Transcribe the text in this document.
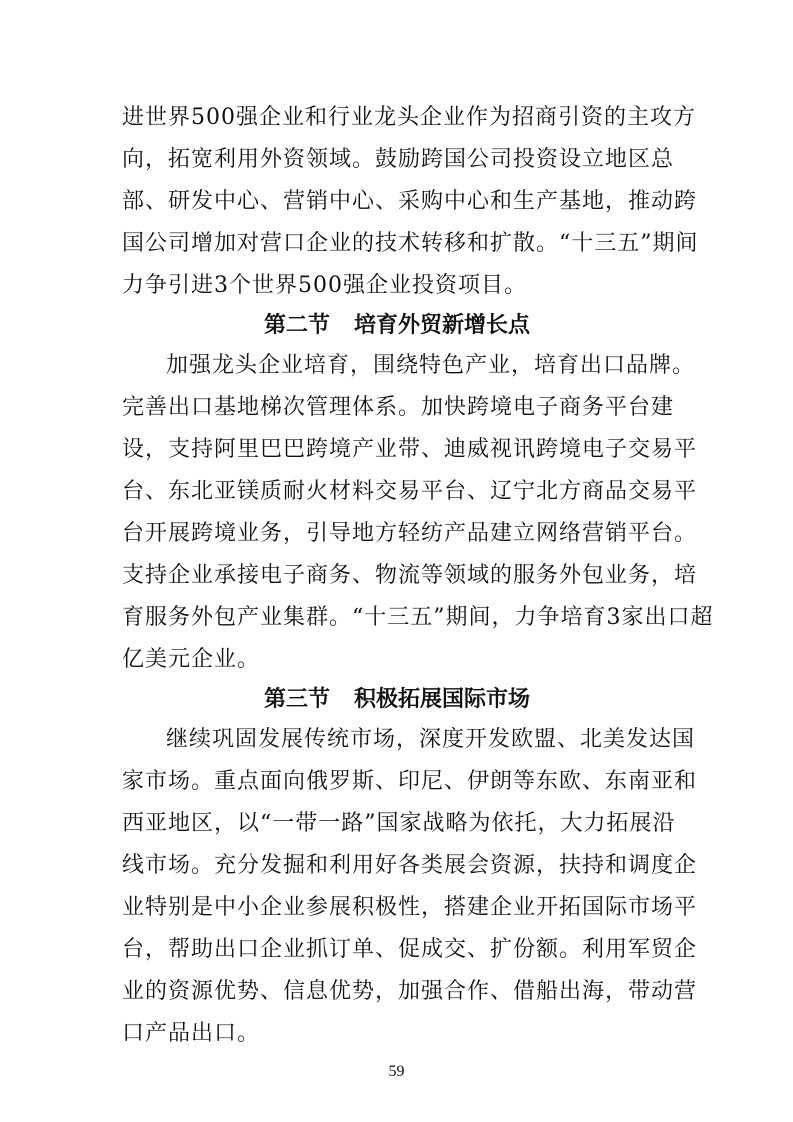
进世界500强企业和行业龙头企业作为招商引资的主攻方
向，拓宽利用外资领域。鼓励跨国公司投资设立地区总
部、研发中心、营销中心、采购中心和生产基地，推动跨
国公司增加对营口企业的技术转移和扩散。“十三五”期间
力争引进3个世界500强企业投资项目。
第二节 培育外贸新增长点
加强龙头企业培育，围绕特色产业，培育出口品牌。
完善出口基地梯次管理体系。加快跨境电子商务平台建
设，支持阿里巴巴跨境产业带、迪威视讯跨境电子交易平
台、东北亚镁质耐火材料交易平台、辽宁北方商品交易平
台开展跨境业务，引导地方轻纺产品建立网络营销平台。
支持企业承接电子商务、物流等领域的服务外包业务，培
育服务外包产业集群。“十三五”期间，力争培育3家出口超
亿美元企业。
第三节 积极拓展国际市场
继续巩固发展传统市场，深度开发欧盟、北美发达国
家市场。重点面向俄罗斯、印尼、伊朗等东欧、东南亚和
西亚地区，以“一带一路”国家战略为依托，大力拓展沿
线市场。充分发掘和利用好各类展会资源，扶持和调度企
业特别是中小企业参展积极性，搭建企业开拓国际市场平
台，帮助出口企业抓订单、促成交、扩份额。利用军贸企
业的资源优势、信息优势，加强合作、借船出海，带动营
口产品出口。
59
